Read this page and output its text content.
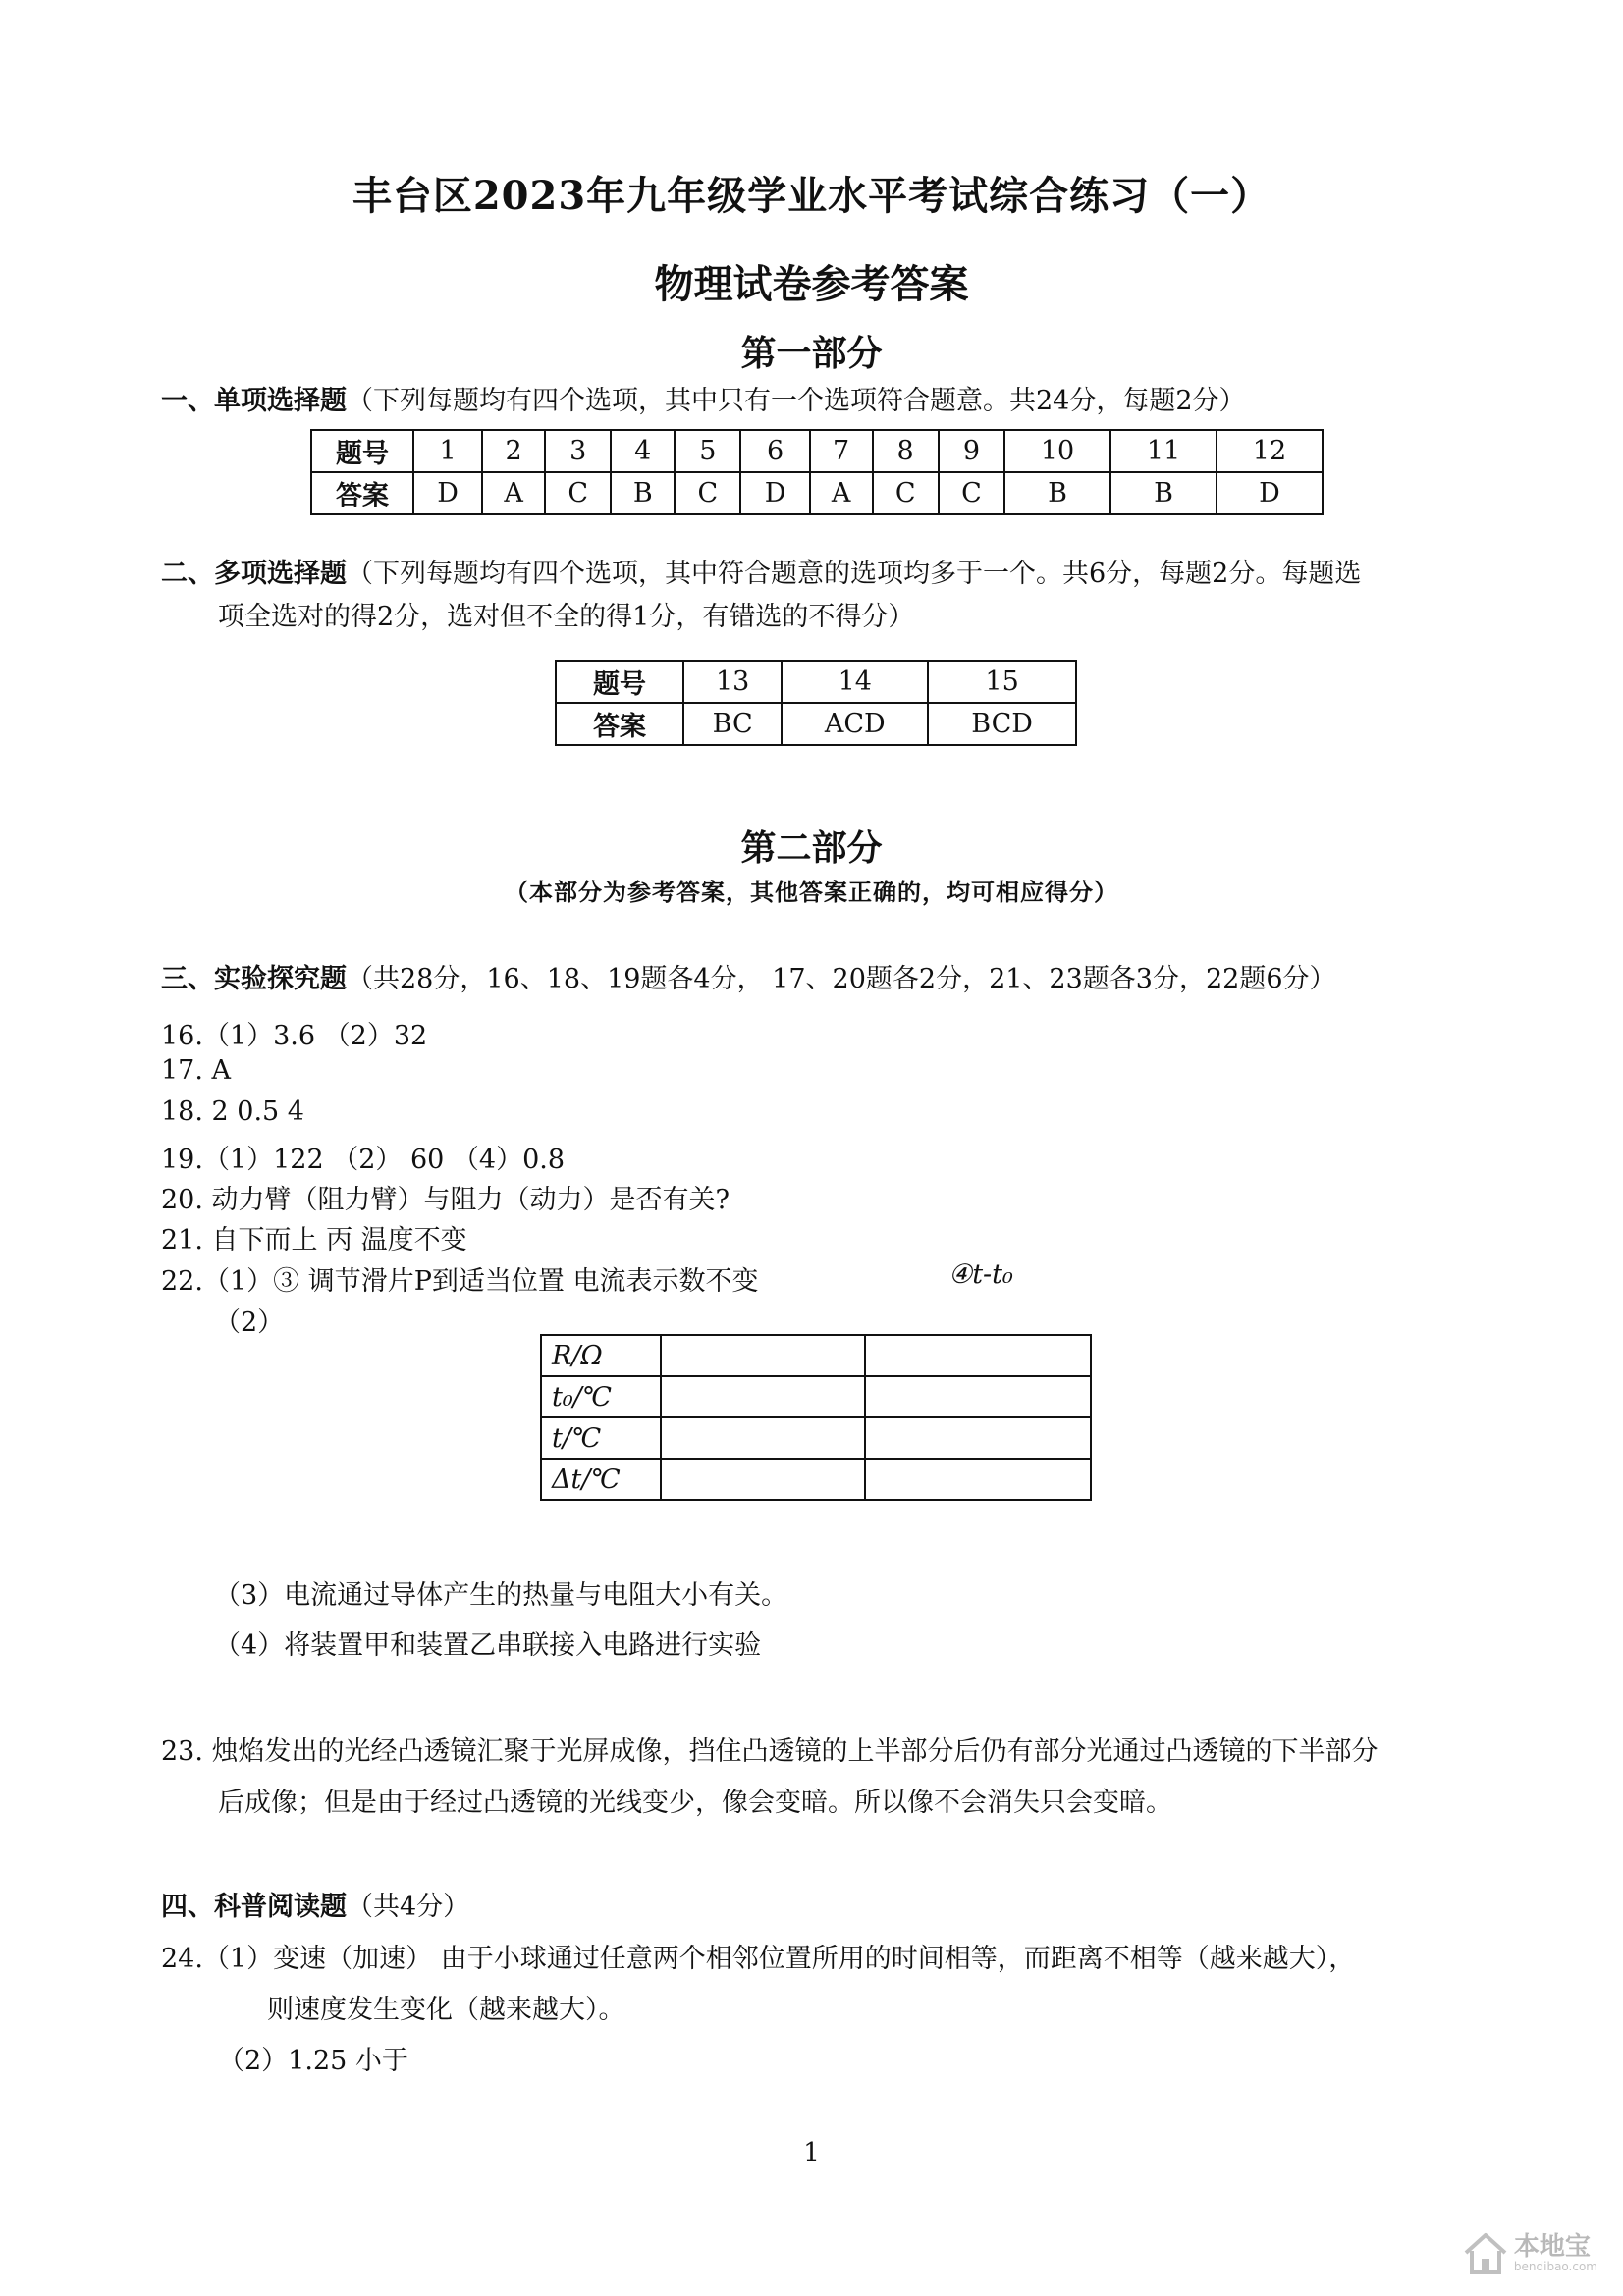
丰台区2023年九年级学业水平考试综合练习（一）
物理试卷参考答案
第一部分
一、单项选择题（下列每题均有四个选项，其中只有一个选项符合题意。共24分，每题2分）
题号	1	2	3	4	5	6	7	8	9	10	11	12
答案	D	A	C	B	C	D	A	C	C	B	B	D
二、多项选择题（下列每题均有四个选项，其中符合题意的选项均多于一个。共6分，每题2分。每题选
项全选对的得2分，选对但不全的得1分，有错选的不得分）
题号	13	14	15
答案	BC	ACD	BCD
第二部分
（本部分为参考答案，其他答案正确的，均可相应得分）
三、实验探究题（共28分，16、18、19题各4分， 17、20题各2分，21、23题各3分，22题6分）
16.（1）3.6 （2）32
17. A
18. 2 0.5 4
19.（1）122 （2） 60 （4）0.8
20. 动力臂（阻力臂）与阻力（动力）是否有关?
21. 自下而上 丙 温度不变
22.（1）③ 调节滑片P到适当位置 电流表示数不变	④t-t₀
（2）
R/Ω		
t₀/℃		
t/℃		
Δt/℃		
（3）电流通过导体产生的热量与电阻大小有关。
（4）将装置甲和装置乙串联接入电路进行实验
23. 烛焰发出的光经凸透镜汇聚于光屏成像，挡住凸透镜的上半部分后仍有部分光通过凸透镜的下半部分
后成像；但是由于经过凸透镜的光线变少，像会变暗。所以像不会消失只会变暗。
四、科普阅读题（共4分）
24.（1）变速（加速） 由于小球通过任意两个相邻位置所用的时间相等，而距离不相等（越来越大），
则速度发生变化（越来越大）。
（2）1.25 小于
1
本地宝
bendibao.com
